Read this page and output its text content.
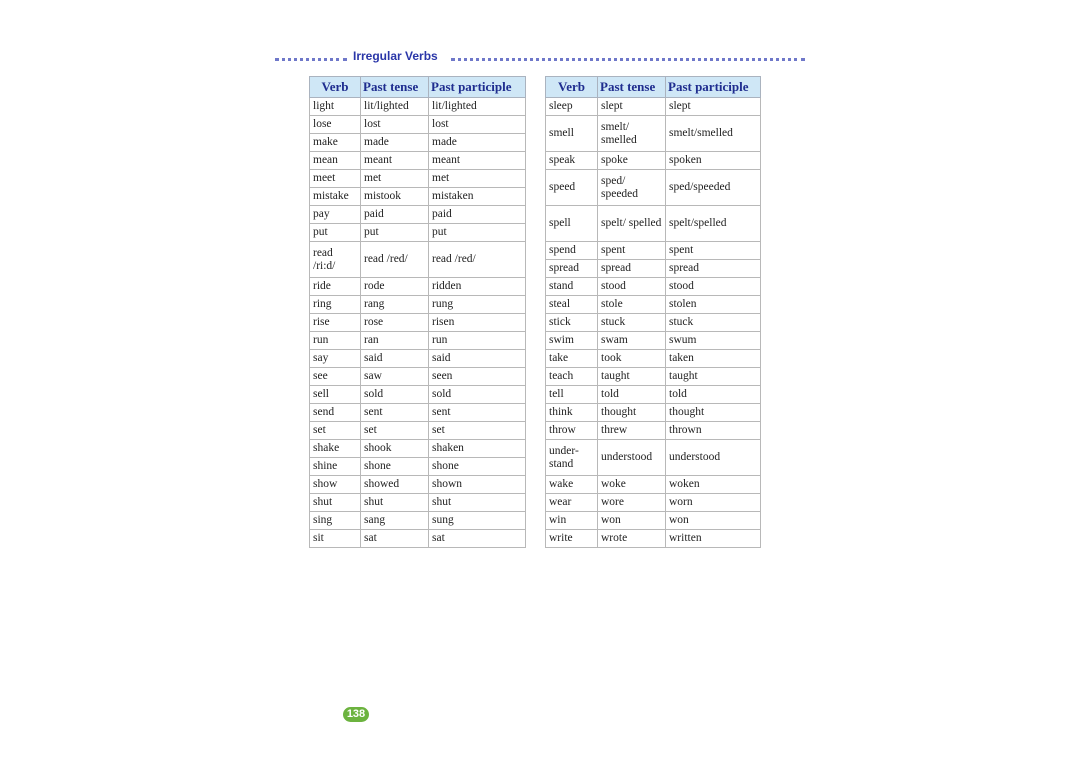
Irregular Verbs
Verb	Past tense	Past participle
light	lit/lighted	lit/lighted
lose	lost	lost
make	made	made
mean	meant	meant
meet	met	met
mistake	mistook	mistaken
pay	paid	paid
put	put	put
read /ri:d/	read /red/	read /red/
ride	rode	ridden
ring	rang	rung
rise	rose	risen
run	ran	run
say	said	said
see	saw	seen
sell	sold	sold
send	sent	sent
set	set	set
shake	shook	shaken
shine	shone	shone
show	showed	shown
shut	shut	shut
sing	sang	sung
sit	sat	sat
Verb	Past tense	Past participle
sleep	slept	slept
smell	smelt/ smelled	smelt/smelled
speak	spoke	spoken
speed	sped/ speeded	sped/speeded
spell	spelt/ spelled	spelt/spelled
spend	spent	spent
spread	spread	spread
stand	stood	stood
steal	stole	stolen
stick	stuck	stuck
swim	swam	swum
take	took	taken
teach	taught	taught
tell	told	told
think	thought	thought
throw	threw	thrown
under-stand	understood	understood
wake	woke	woken
wear	wore	worn
win	won	won
write	wrote	written
138
